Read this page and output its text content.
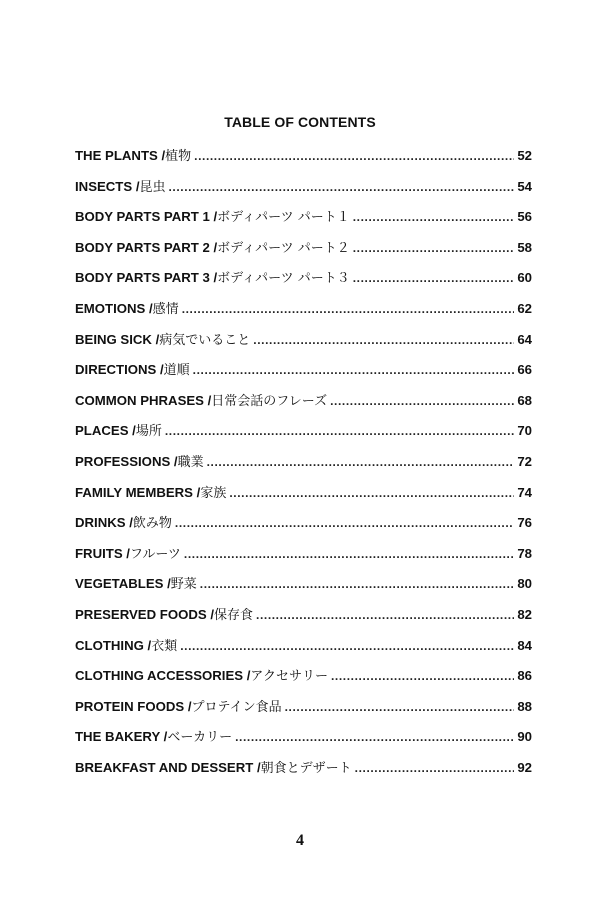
TABLE OF CONTENTS
THE PLANTS / 植物 .....	52
INSECTS / 昆虫 .....	54
BODY PARTS PART 1 / ボディパーツ パート１ .....	56
BODY PARTS PART 2 / ボディパーツ パート２ .....	58
BODY PARTS PART 3 / ボディパーツ パート３ .....	60
EMOTIONS / 感情 .....	62
BEING SICK / 病気でいること .....	64
DIRECTIONS / 道順 .....	66
COMMON PHRASES / 日常会話のフレーズ .....	68
PLACES / 場所 .....	70
PROFESSIONS / 職業 .....	72
FAMILY MEMBERS / 家族 .....	74
DRINKS / 飲み物 .....	76
FRUITS / フルーツ .....	78
VEGETABLES / 野菜 .....	80
PRESERVED FOODS / 保存食 .....	82
CLOTHING / 衣類 .....	84
CLOTHING ACCESSORIES / アクセサリー .....	86
PROTEIN FOODS / プロテイン食品 .....	88
THE BAKERY / ベーカリー .....	90
BREAKFAST AND DESSERT / 朝食とデザート .....	92
4
